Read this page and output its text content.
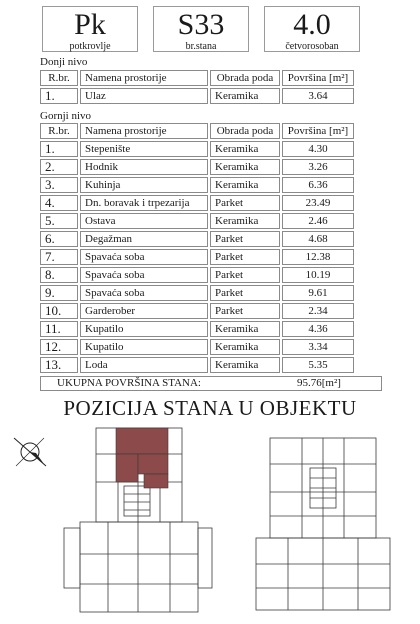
Pk
potkrovlje
S33
br.stana
4.0
četvorosoban
Donji nivo
R.br.	Namena prostorije	Obrada poda	Površina [m²]
1.	Ulaz	Keramika	3.64
Gornji nivo
R.br.	Namena prostorije	Obrada poda	Površina [m²]
1.	Stepenište	Keramika	4.30
2.	Hodnik	Keramika	3.26
3.	Kuhinja	Keramika	6.36
4.	Dn. boravak i trpezarija	Parket	23.49
5.	Ostava	Keramika	2.46
6.	Degažman	Parket	4.68
7.	Spavaća soba	Parket	12.38
8.	Spavaća soba	Parket	10.19
9.	Spavaća soba	Parket	9.61
10.	Garderober	Parket	2.34
11.	Kupatilo	Keramika	4.36
12.	Kupatilo	Keramika	3.34
13.	Loda	Keramika	5.35
UKUPNA POVRŠINA STANA:	95.76[m²]
POZICIJA STANA U OBJEKTU
